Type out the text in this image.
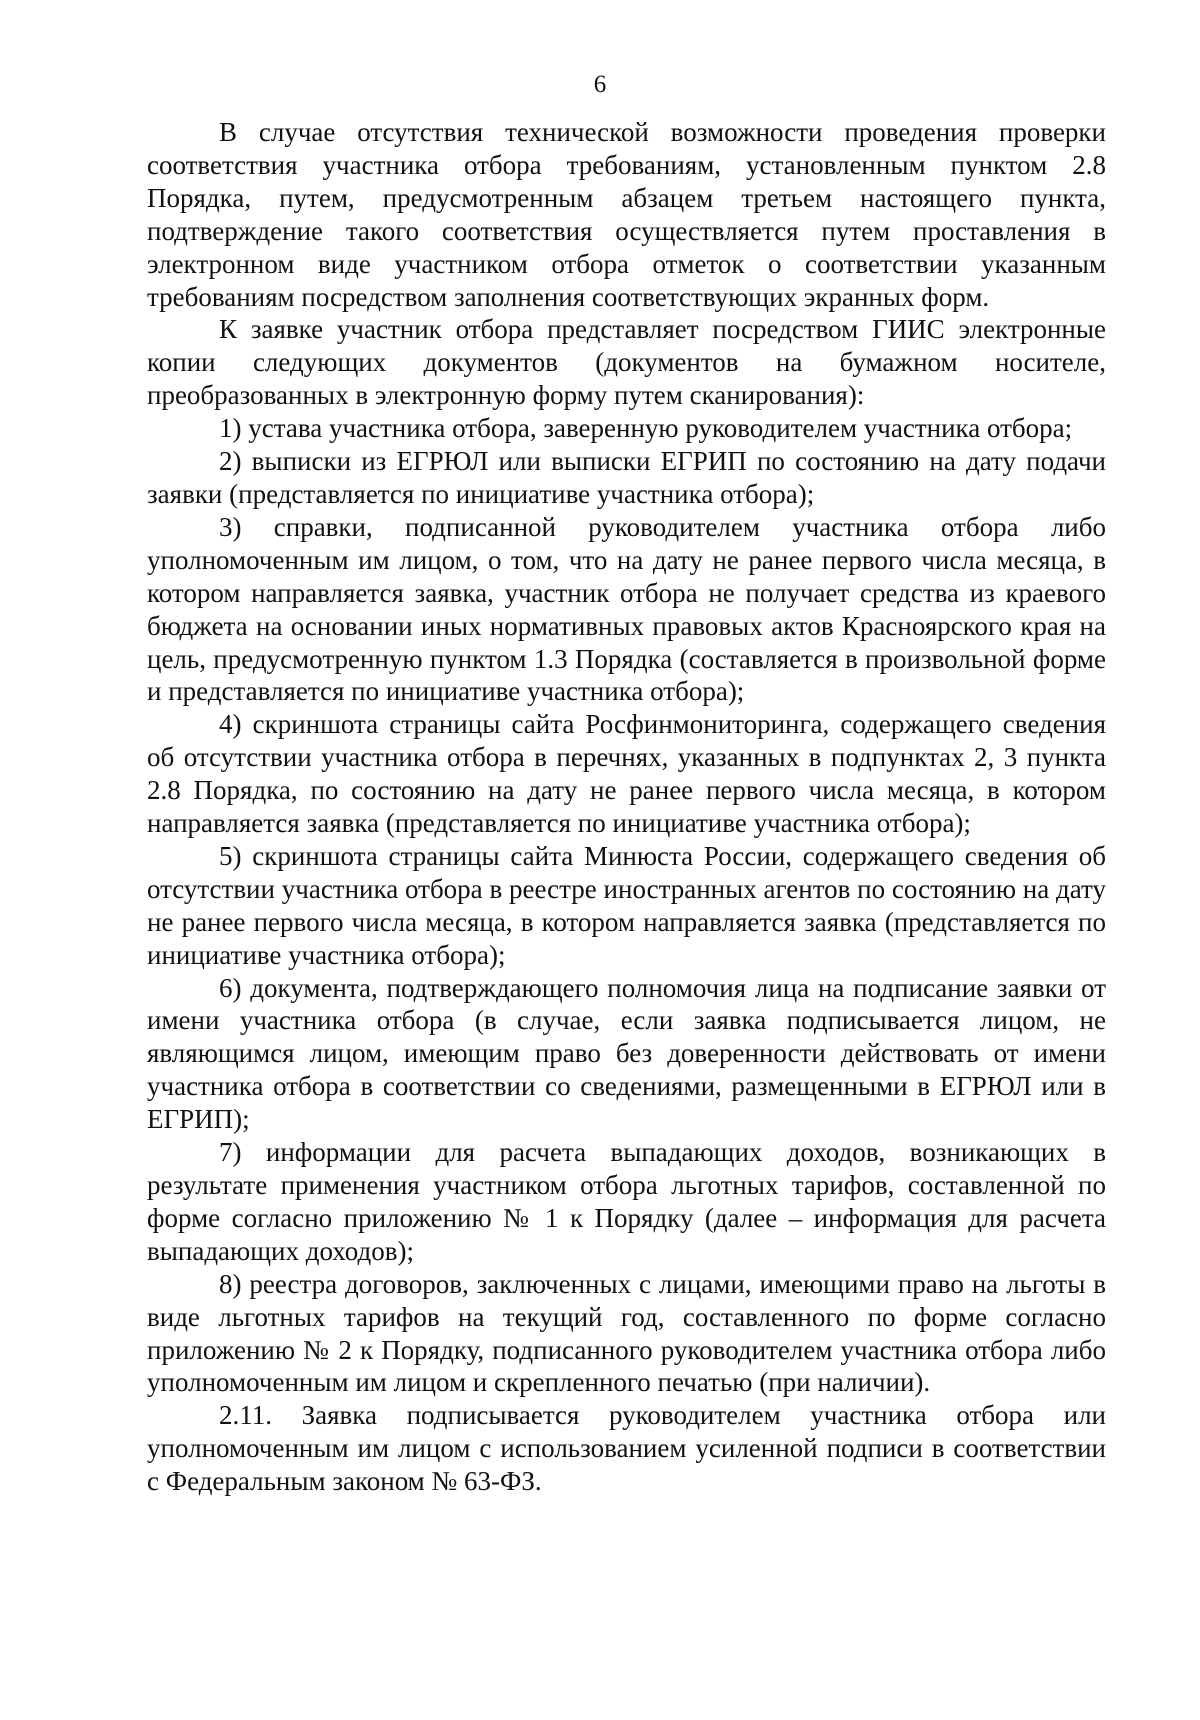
6

В случае отсутствия технической возможности проведения проверки соответствия участника отбора требованиям, установленным пунктом 2.8 Порядка, путем, предусмотренным абзацем третьем настоящего пункта, подтверждение такого соответствия осуществляется путем проставления в электронном виде участником отбора отметок о соответствии указанным требованиям посредством заполнения соответствующих экранных форм.

К заявке участник отбора представляет посредством ГИИС электронные копии следующих документов (документов на бумажном носителе, преобразованных в электронную форму путем сканирования):

1) устава участника отбора, заверенную руководителем участника отбора;

2) выписки из ЕГРЮЛ или выписки ЕГРИП по состоянию на дату подачи заявки (представляется по инициативе участника отбора);

3) справки, подписанной руководителем участника отбора либо уполномоченным им лицом, о том, что на дату не ранее первого числа месяца, в котором направляется заявка, участник отбора не получает средства из краевого бюджета на основании иных нормативных правовых актов Красноярского края на цель, предусмотренную пунктом 1.3 Порядка (составляется в произвольной форме и представляется по инициативе участника отбора);

4) скриншота страницы сайта Росфинмониторинга, содержащего сведения об отсутствии участника отбора в перечнях, указанных в подпунктах 2, 3 пункта 2.8 Порядка, по состоянию на дату не ранее первого числа месяца, в котором направляется заявка (представляется по инициативе участника отбора);

5) скриншота страницы сайта Минюста России, содержащего сведения об отсутствии участника отбора в реестре иностранных агентов по состоянию на дату не ранее первого числа месяца, в котором направляется заявка (представляется по инициативе участника отбора);

6) документа, подтверждающего полномочия лица на подписание заявки от имени участника отбора (в случае, если заявка подписывается лицом, не являющимся лицом, имеющим право без доверенности действовать от имени участника отбора в соответствии со сведениями, размещенными в ЕГРЮЛ или в ЕГРИП);

7) информации для расчета выпадающих доходов, возникающих в результате применения участником отбора льготных тарифов, составленной по форме согласно приложению № 1 к Порядку (далее – информация для расчета выпадающих доходов);

8) реестра договоров, заключенных с лицами, имеющими право на льготы в виде льготных тарифов на текущий год, составленного по форме согласно приложению № 2 к Порядку, подписанного руководителем участника отбора либо уполномоченным им лицом и скрепленного печатью (при наличии).

2.11. Заявка подписывается руководителем участника отбора или уполномоченным им лицом с использованием усиленной подписи в соответствии с Федеральным законом № 63-ФЗ.
